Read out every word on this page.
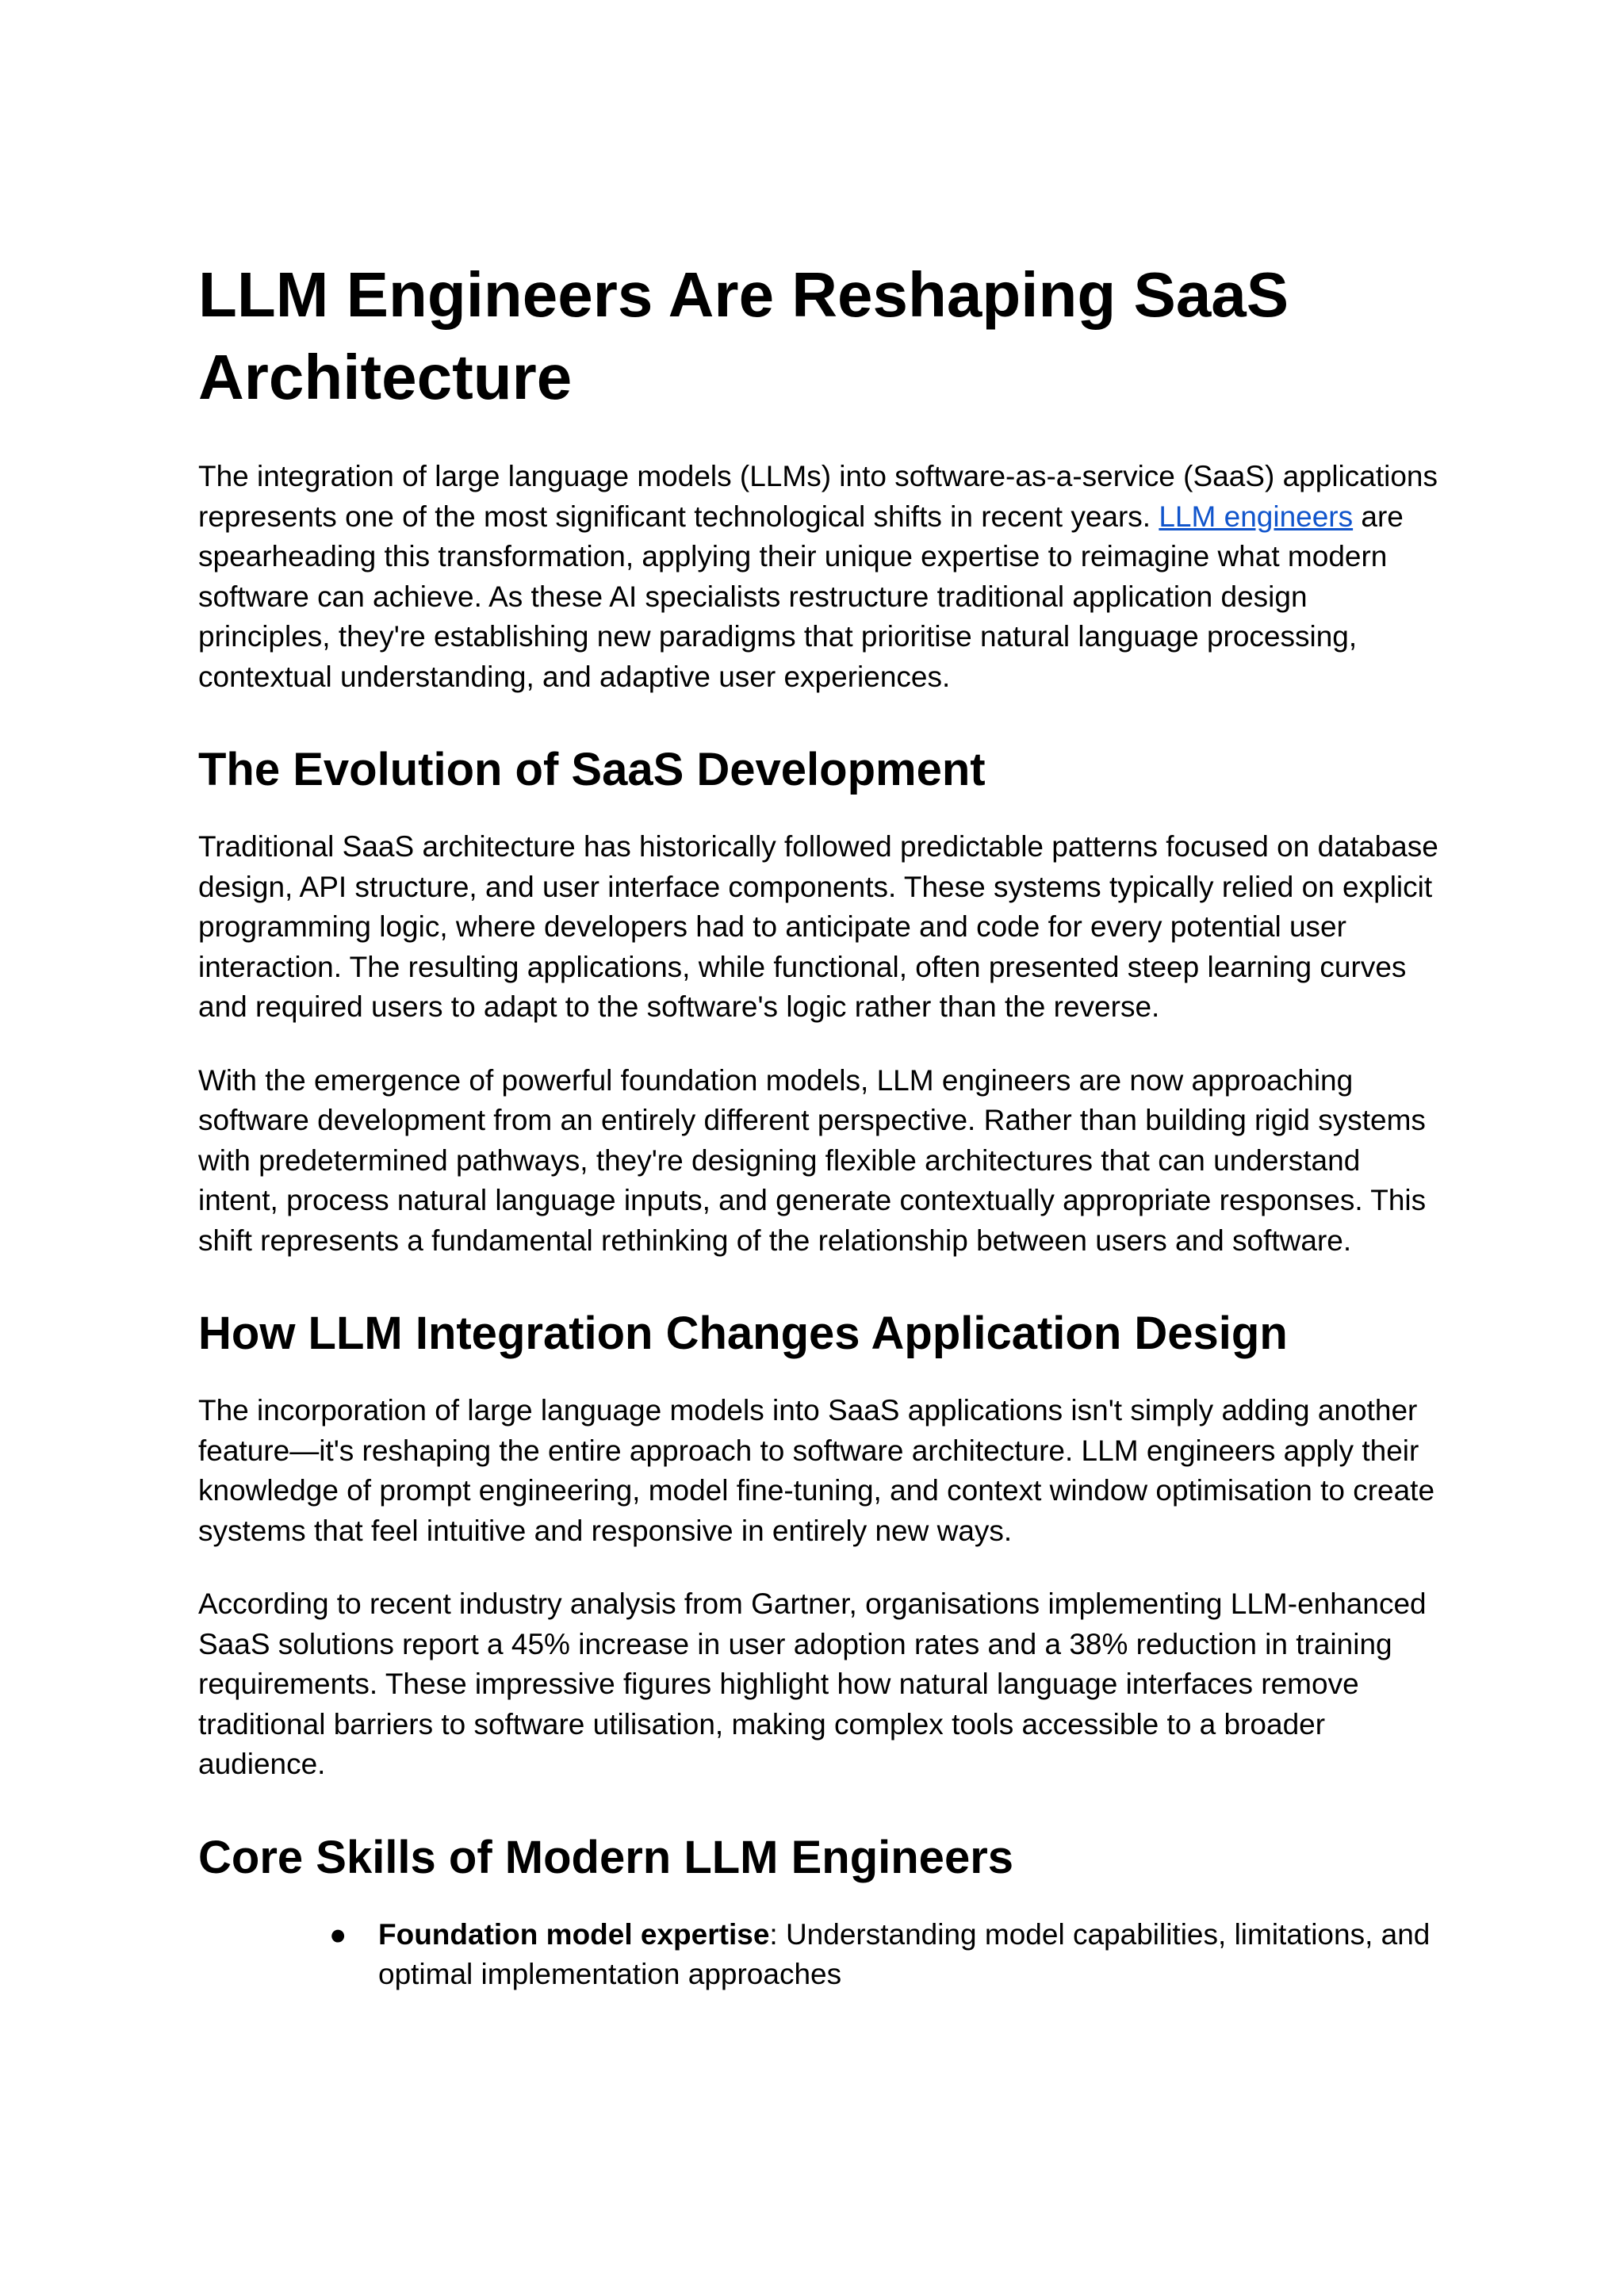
LLM Engineers Are Reshaping SaaS Architecture

The integration of large language models (LLMs) into software-as-a-service (SaaS) applications represents one of the most significant technological shifts in recent years. LLM engineers are spearheading this transformation, applying their unique expertise to reimagine what modern software can achieve. As these AI specialists restructure traditional application design principles, they're establishing new paradigms that prioritise natural language processing, contextual understanding, and adaptive user experiences.

The Evolution of SaaS Development

Traditional SaaS architecture has historically followed predictable patterns focused on database design, API structure, and user interface components. These systems typically relied on explicit programming logic, where developers had to anticipate and code for every potential user interaction. The resulting applications, while functional, often presented steep learning curves and required users to adapt to the software's logic rather than the reverse.

With the emergence of powerful foundation models, LLM engineers are now approaching software development from an entirely different perspective. Rather than building rigid systems with predetermined pathways, they're designing flexible architectures that can understand intent, process natural language inputs, and generate contextually appropriate responses. This shift represents a fundamental rethinking of the relationship between users and software.

How LLM Integration Changes Application Design

The incorporation of large language models into SaaS applications isn't simply adding another feature—it's reshaping the entire approach to software architecture. LLM engineers apply their knowledge of prompt engineering, model fine-tuning, and context window optimisation to create systems that feel intuitive and responsive in entirely new ways.

According to recent industry analysis from Gartner, organisations implementing LLM-enhanced SaaS solutions report a 45% increase in user adoption rates and a 38% reduction in training requirements. These impressive figures highlight how natural language interfaces remove traditional barriers to software utilisation, making complex tools accessible to a broader audience.

Core Skills of Modern LLM Engineers
● Foundation model expertise: Understanding model capabilities, limitations, and optimal implementation approaches
